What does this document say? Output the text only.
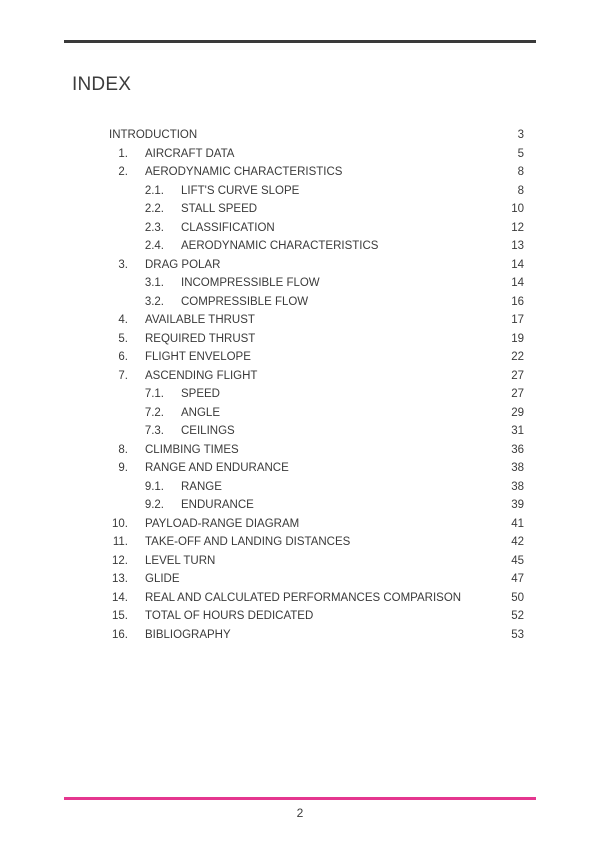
INDEX
INTRODUCTION	3
1. AIRCRAFT DATA	5
2. AERODYNAMIC CHARACTERISTICS	8
2.1. LIFT'S CURVE SLOPE	8
2.2. STALL SPEED	10
2.3. CLASSIFICATION	12
2.4. AERODYNAMIC CHARACTERISTICS	13
3. DRAG POLAR	14
3.1. INCOMPRESSIBLE FLOW	14
3.2. COMPRESSIBLE FLOW	16
4. AVAILABLE THRUST	17
5. REQUIRED THRUST	19
6. FLIGHT ENVELOPE	22
7. ASCENDING FLIGHT	27
7.1. SPEED	27
7.2. ANGLE	29
7.3. CEILINGS	31
8. CLIMBING TIMES	36
9. RANGE AND ENDURANCE	38
9.1. RANGE	38
9.2. ENDURANCE	39
10. PAYLOAD-RANGE DIAGRAM	41
11. TAKE-OFF AND LANDING DISTANCES	42
12. LEVEL TURN	45
13. GLIDE	47
14. REAL AND CALCULATED PERFORMANCES COMPARISON	50
15. TOTAL OF HOURS DEDICATED	52
16. BIBLIOGRAPHY	53
2
